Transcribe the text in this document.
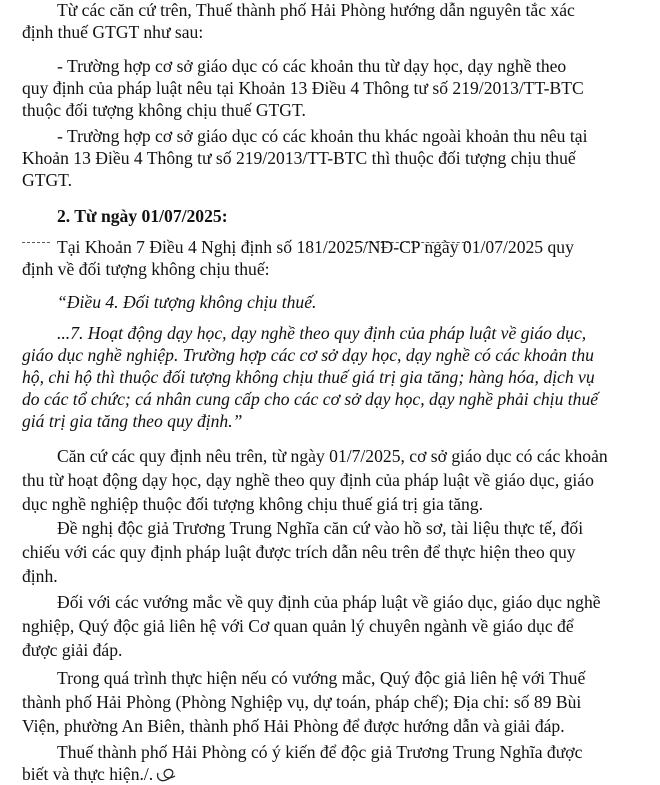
Từ các căn cứ trên, Thuế thành phố Hải Phòng hướng dẫn nguyên tắc xác
định thuế GTGT như sau:
- Trường hợp cơ sở giáo dục có các khoản thu từ dạy học, dạy nghề theo
quy định của pháp luật nêu tại Khoản 13 Điều 4 Thông tư số 219/2013/TT-BTC
thuộc đối tượng không chịu thuế GTGT.
- Trường hợp cơ sở giáo dục có các khoản thu khác ngoài khoản thu nêu tại
Khoản 13 Điều 4 Thông tư số 219/2013/TT-BTC thì thuộc đối tượng chịu thuế
GTGT.
2. Từ ngày 01/07/2025:
Tại Khoản 7 Điều 4 Nghị định số 181/2025/NĐ-CP ngày 01/07/2025 quy
định về đối tượng không chịu thuế:
“Điều 4. Đối tượng không chịu thuế.
...7. Hoạt động dạy học, dạy nghề theo quy định của pháp luật về giáo dục,
giáo dục nghề nghiệp. Trường hợp các cơ sở dạy học, dạy nghề có các khoản thu
hộ, chi hộ thì thuộc đối tượng không chịu thuế giá trị gia tăng; hàng hóa, dịch vụ
do các tổ chức; cá nhân cung cấp cho các cơ sở dạy học, dạy nghề phải chịu thuế
giá trị gia tăng theo quy định.”
Căn cứ các quy định nêu trên, từ ngày 01/7/2025, cơ sở giáo dục có các khoản
thu từ hoạt động dạy học, dạy nghề theo quy định của pháp luật về giáo dục, giáo
dục nghề nghiệp thuộc đối tượng không chịu thuế giá trị gia tăng.
Đề nghị độc giả Trương Trung Nghĩa căn cứ vào hồ sơ, tài liệu thực tế, đối
chiếu với các quy định pháp luật được trích dẫn nêu trên để thực hiện theo quy
định.
Đối với các vướng mắc về quy định của pháp luật về giáo dục, giáo dục nghề
nghiệp, Quý độc giả liên hệ với Cơ quan quản lý chuyên ngành về giáo dục để
được giải đáp.
Trong quá trình thực hiện nếu có vướng mắc, Quý độc giả liên hệ với Thuế
thành phố Hải Phòng (Phòng Nghiệp vụ, dự toán, pháp chế); Địa chỉ: số 89 Bùi
Viện, phường An Biên, thành phố Hải Phòng để được hướng dẫn và giải đáp.
Thuế thành phố Hải Phòng có ý kiến để độc giả Trương Trung Nghĩa được
biết và thực hiện./.
